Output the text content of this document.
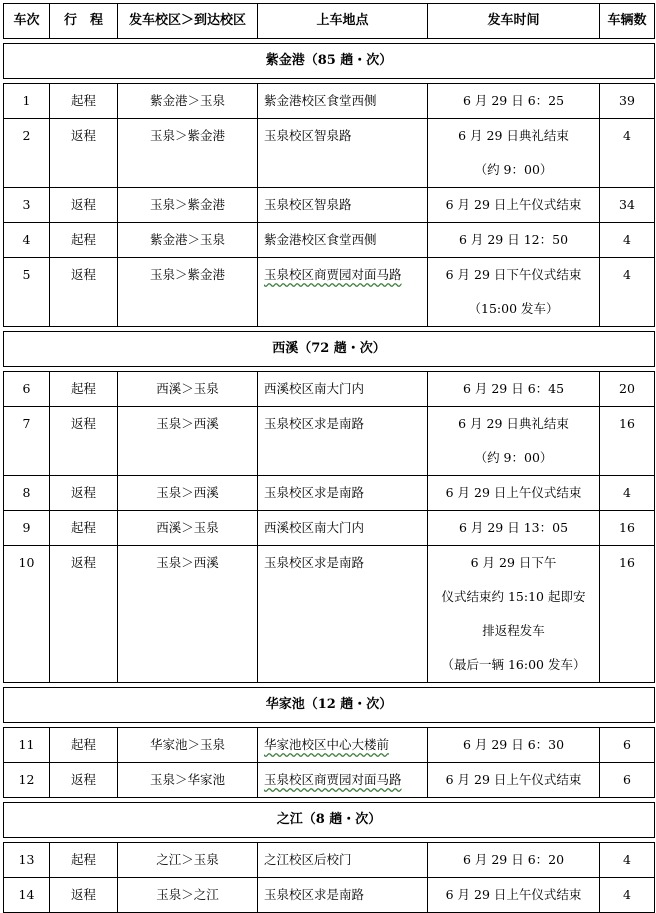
车次	行　程	发车校区＞到达校区	上车地点	发车时间	车辆数

紫金港（85 趟・次）					

1	起程	紫金港＞玉泉	紫金港校区食堂西侧	6 月 29 日 6：25	39
2	返程	玉泉＞紫金港	玉泉校区智泉路	6 月 29 日典礼结束
（约 9：00）	4
3	返程	玉泉＞紫金港	玉泉校区智泉路	6 月 29 日上午仪式结束	34
4	起程	紫金港＞玉泉	紫金港校区食堂西侧	6 月 29 日 12：50	4
5	返程	玉泉＞紫金港	玉泉校区商贾园对面马路	6 月 29 日下午仪式结束
（15:00 发车）	4

西溪（72 趟・次）					

6	起程	西溪＞玉泉	西溪校区南大门内	6 月 29 日 6：45	20
7	返程	玉泉＞西溪	玉泉校区求是南路	6 月 29 日典礼结束
（约 9：00）	16
8	返程	玉泉＞西溪	玉泉校区求是南路	6 月 29 日上午仪式结束	4
9	起程	西溪＞玉泉	西溪校区南大门内	6 月 29 日 13：05	16
10	返程	玉泉＞西溪	玉泉校区求是南路	6 月 29 日下午
仪式结束约 15:10 起即安
排返程发车
（最后一辆 16:00 发车）	16

华家池（12 趟・次）					

11	起程	华家池＞玉泉	华家池校区中心大楼前	6 月 29 日 6：30	6
12	返程	玉泉＞华家池	玉泉校区商贾园对面马路	6 月 29 日上午仪式结束	6

之江（8 趟・次）					

13	起程	之江＞玉泉	之江校区后校门	6 月 29 日 6：20	4
14	返程	玉泉＞之江	玉泉校区求是南路	6 月 29 日上午仪式结束	4
